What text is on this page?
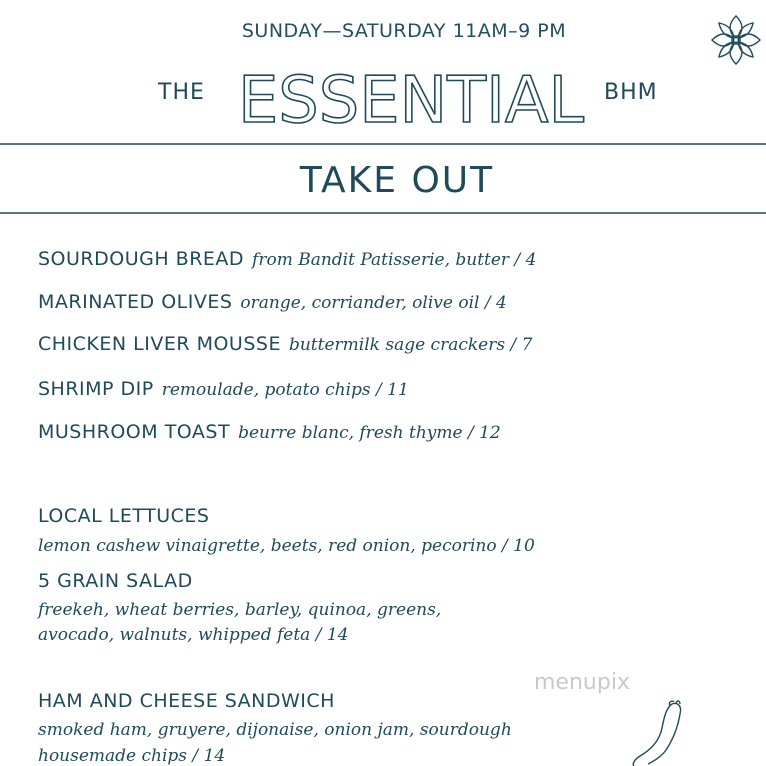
SUNDAY—SATURDAY 11AM–9 PM
THE ESSENTIAL BHM
TAKE OUT
SOURDOUGH BREAD from Bandit Patisserie, butter / 4
MARINATED OLIVES orange, corriander, olive oil / 4
CHICKEN LIVER MOUSSE buttermilk sage crackers / 7
SHRIMP DIP remoulade, potato chips / 11
MUSHROOM TOAST beurre blanc, fresh thyme / 12
LOCAL LETTUCES
lemon cashew vinaigrette, beets, red onion, pecorino / 10
5 GRAIN SALAD
freekeh, wheat berries, barley, quinoa, greens,
avocado, walnuts, whipped feta / 14
HAM AND CHEESE SANDWICH
smoked ham, gruyere, dijonaise, onion jam, sourdough
housemade chips / 14
menupix
